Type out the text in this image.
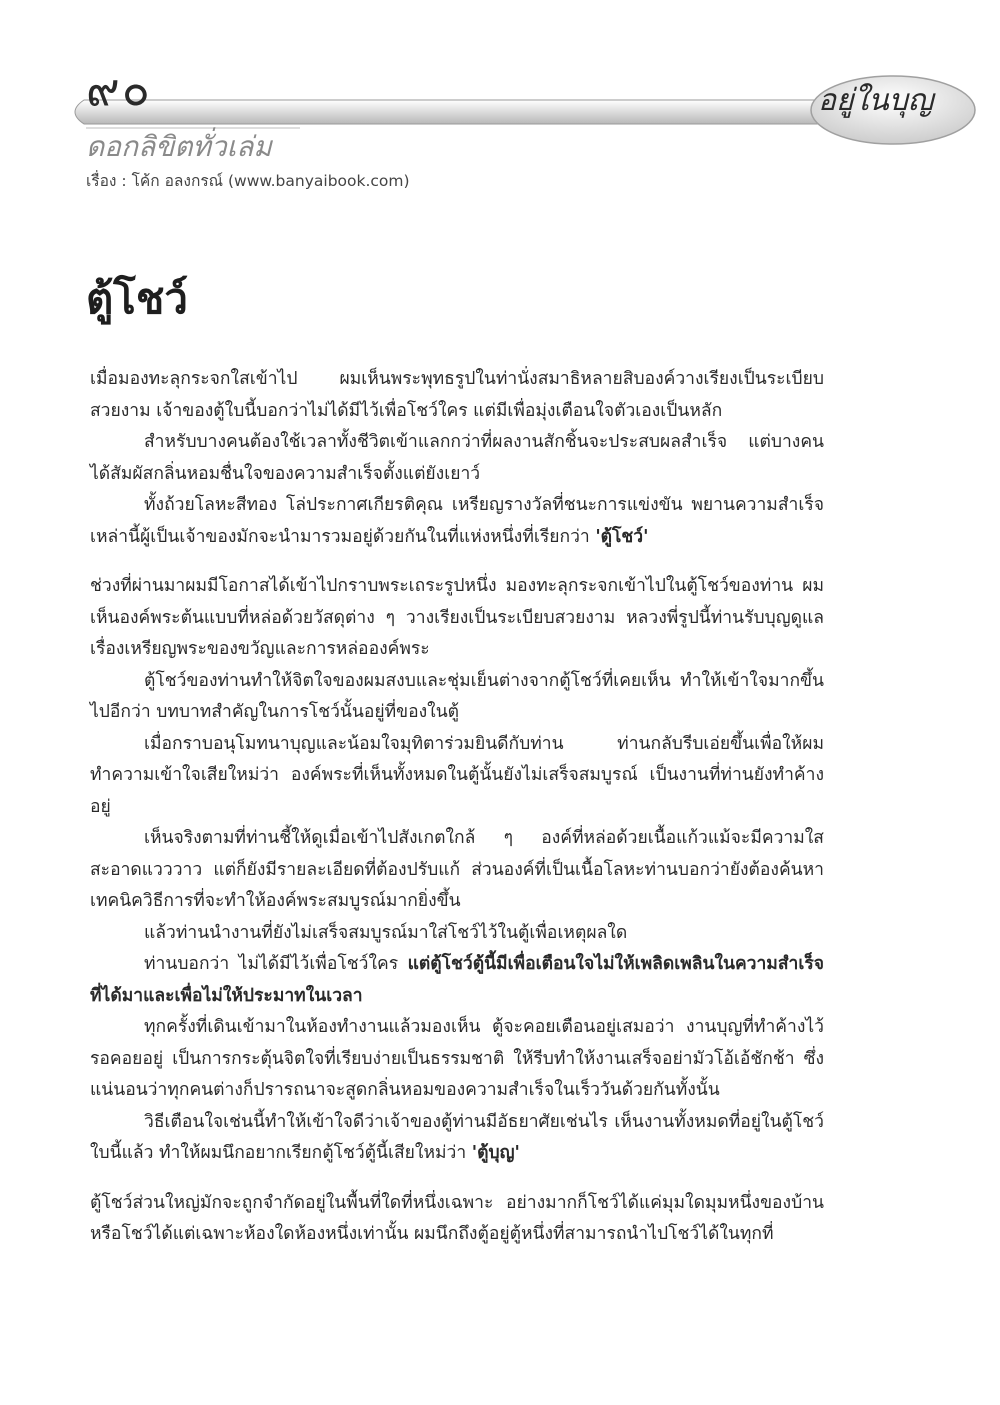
๙๐	อยู่ในบุญ
ดอกลิขิตทั่วเล่ม
เรื่อง : โค้ก อลงกรณ์ (www.banyaibook.com)
ตู้โชว์

เมื่อมองทะลุกระจกใสเข้าไป ผมเห็นพระพุทธรูปในท่านั่งสมาธิหลายสิบองค์วางเรียงเป็นระเบียบสวยงาม เจ้าของตู้ใบนี้บอกว่าไม่ได้มีไว้เพื่อโชว์ใคร แต่มีเพื่อมุ่งเตือนใจตัวเองเป็นหลัก

สำหรับบางคนต้องใช้เวลาทั้งชีวิตเข้าแลกกว่าที่ผลงานสักชิ้นจะประสบผลสำเร็จ แต่บางคนได้สัมผัสกลิ่นหอมชื่นใจของความสำเร็จตั้งแต่ยังเยาว์

ทั้งถ้วยโลหะสีทอง โล่ประกาศเกียรติคุณ เหรียญรางวัลที่ชนะการแข่งขัน พยานความสำเร็จเหล่านี้ผู้เป็นเจ้าของมักจะนำมารวมอยู่ด้วยกันในที่แห่งหนึ่งที่เรียกว่า 'ตู้โชว์'

ช่วงที่ผ่านมาผมมีโอกาสได้เข้าไปกราบพระเถระรูปหนึ่ง มองทะลุกระจกเข้าไปในตู้โชว์ของท่าน ผมเห็นองค์พระต้นแบบที่หล่อด้วยวัสดุต่าง ๆ วางเรียงเป็นระเบียบสวยงาม หลวงพี่รูปนี้ท่านรับบุญดูแลเรื่องเหรียญพระของขวัญและการหล่อองค์พระ

ตู้โชว์ของท่านทำให้จิตใจของผมสงบและชุ่มเย็นต่างจากตู้โชว์ที่เคยเห็น ทำให้เข้าใจมากขึ้นไปอีกว่า บทบาทสำคัญในการโชว์นั้นอยู่ที่ของในตู้

เมื่อกราบอนุโมทนาบุญและน้อมใจมุทิตาร่วมยินดีกับท่าน ท่านกลับรีบเอ่ยขึ้นเพื่อให้ผมทำความเข้าใจเสียใหม่ว่า องค์พระที่เห็นทั้งหมดในตู้นั้นยังไม่เสร็จสมบูรณ์ เป็นงานที่ท่านยังทำค้างอยู่

เห็นจริงตามที่ท่านชี้ให้ดูเมื่อเข้าไปสังเกตใกล้ ๆ องค์ที่หล่อด้วยเนื้อแก้วแม้จะมีความใสสะอาดแวววาว แต่ก็ยังมีรายละเอียดที่ต้องปรับแก้ ส่วนองค์ที่เป็นเนื้อโลหะท่านบอกว่ายังต้องค้นหาเทคนิควิธีการที่จะทำให้องค์พระสมบูรณ์มากยิ่งขึ้น

แล้วท่านนำงานที่ยังไม่เสร็จสมบูรณ์มาใส่โชว์ไว้ในตู้เพื่อเหตุผลใด

ท่านบอกว่า ไม่ได้มีไว้เพื่อโชว์ใคร แต่ตู้โชว์ตู้นี้มีเพื่อเตือนใจไม่ให้เพลิดเพลินในความสำเร็จที่ได้มาและเพื่อไม่ให้ประมาทในเวลา

ทุกครั้งที่เดินเข้ามาในห้องทำงานแล้วมองเห็น ตู้จะคอยเตือนอยู่เสมอว่า งานบุญที่ทำค้างไว้รอคอยอยู่ เป็นการกระตุ้นจิตใจที่เรียบง่ายเป็นธรรมชาติ ให้รีบทำให้งานเสร็จอย่ามัวโอ้เอ้ชักช้า ซึ่งแน่นอนว่าทุกคนต่างก็ปรารถนาจะสูดกลิ่นหอมของความสำเร็จในเร็ววันด้วยกันทั้งนั้น

วิธีเตือนใจเช่นนี้ทำให้เข้าใจดีว่าเจ้าของตู้ท่านมีอัธยาศัยเช่นไร เห็นงานทั้งหมดที่อยู่ในตู้โชว์ใบนี้แล้ว ทำให้ผมนึกอยากเรียกตู้โชว์ตู้นี้เสียใหม่ว่า 'ตู้บุญ'

ตู้โชว์ส่วนใหญ่มักจะถูกจำกัดอยู่ในพื้นที่ใดที่หนึ่งเฉพาะ อย่างมากก็โชว์ได้แค่มุมใดมุมหนึ่งของบ้าน หรือโชว์ได้แต่เฉพาะห้องใดห้องหนึ่งเท่านั้น ผมนึกถึงตู้อยู่ตู้หนึ่งที่สามารถนำไปโชว์ได้ในทุกที่
